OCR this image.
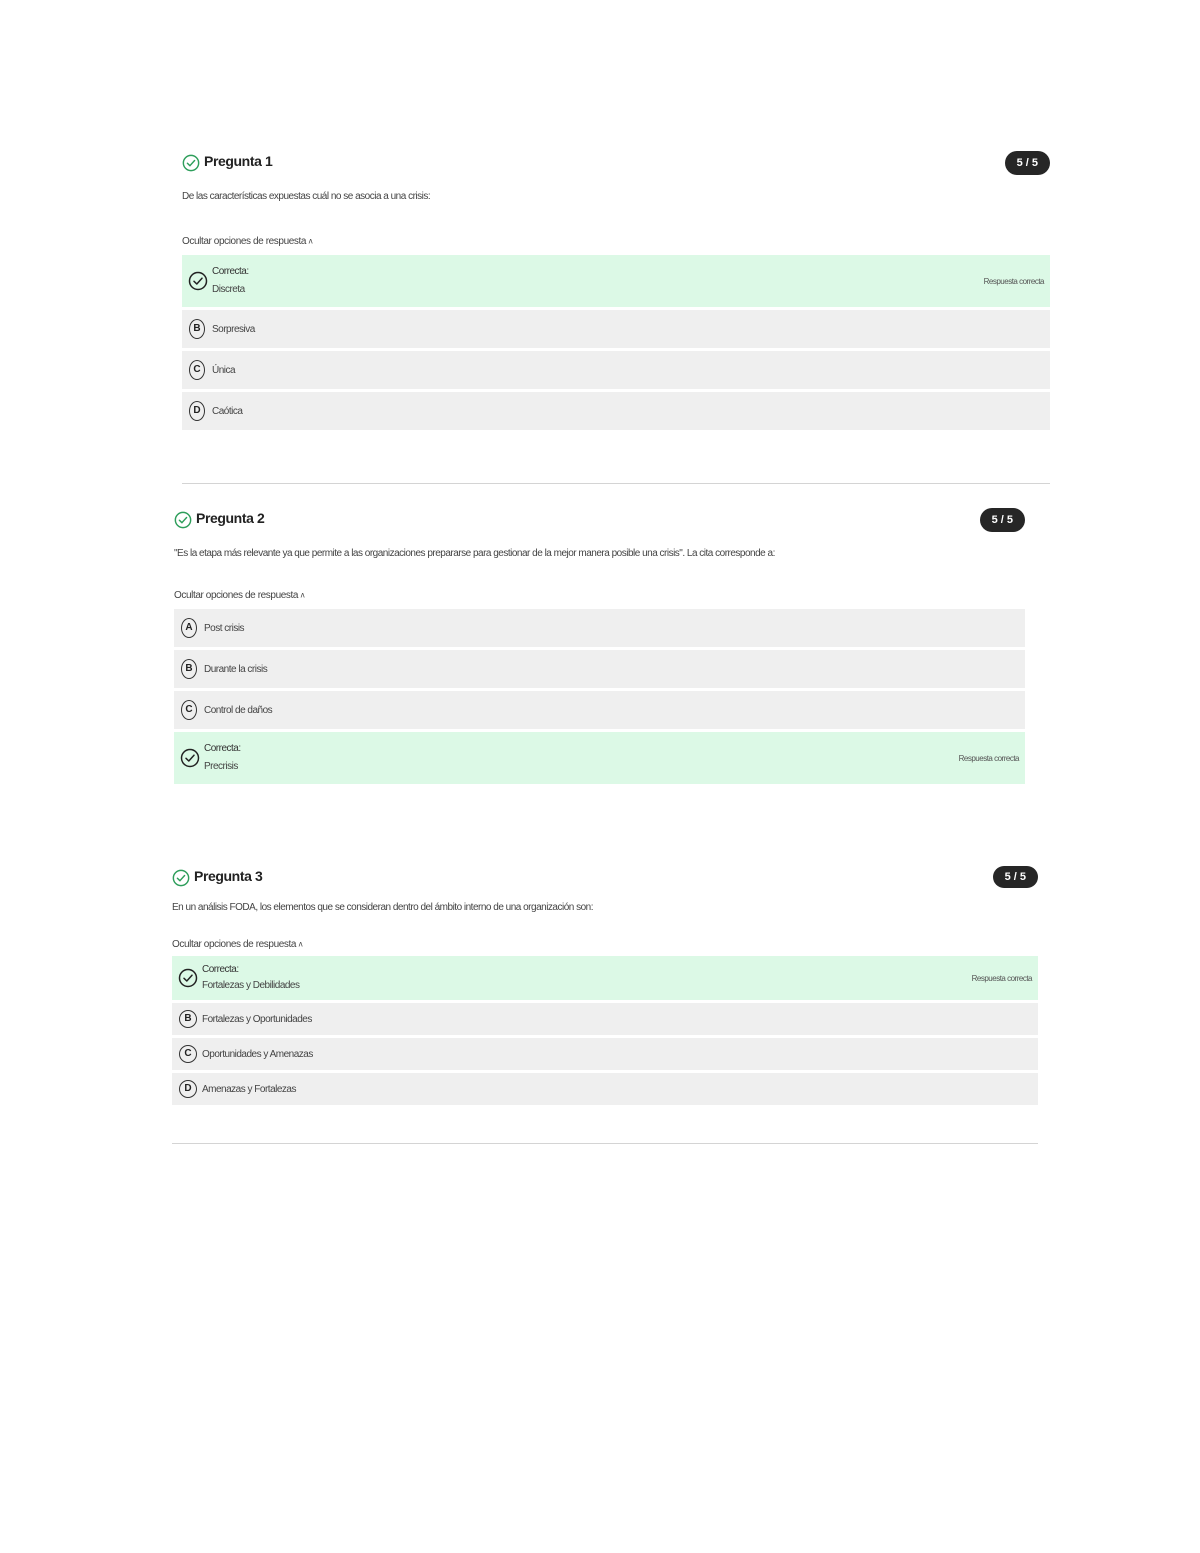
Pregunta 1	5 / 5
De las características expuestas cuál no se asocia a una crisis:
Ocultar opciones de respuesta v
Correcta:
Discreta
Respuesta correcta
B	Sorpresiva
C	Única
D	Caótica
Pregunta 2	5 / 5
"Es la etapa más relevante ya que permite a las organizaciones prepararse para gestionar de la mejor manera posible una crisis". La cita corresponde a:
Ocultar opciones de respuesta v
A	Post crisis
B	Durante la crisis
C	Control de daños
Correcta:
Precrisis
Respuesta correcta
Pregunta 3	5 / 5
En un análisis FODA, los elementos que se consideran dentro del ámbito interno de una organización son:
Ocultar opciones de respuesta v
Correcta:
Fortalezas y Debilidades
Respuesta correcta
B	Fortalezas y Oportunidades
C	Oportunidades y Amenazas
D	Amenazas y Fortalezas
